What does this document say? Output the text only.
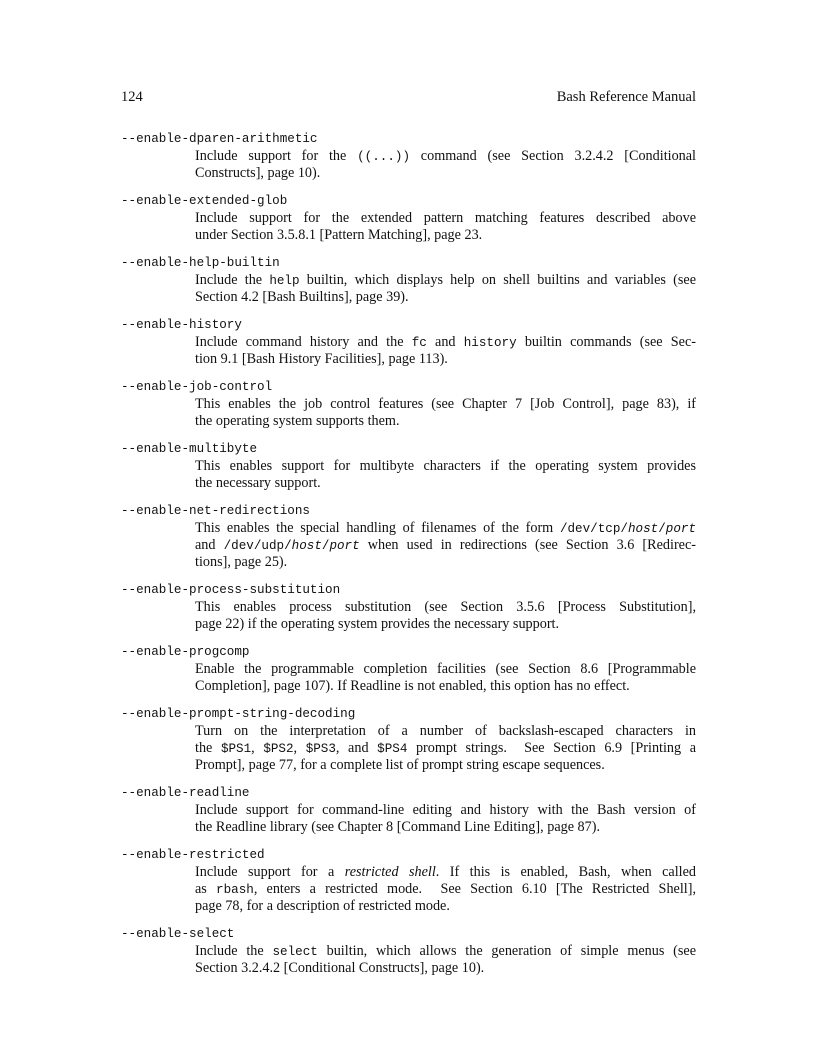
124	Bash Reference Manual
--enable-dparen-arithmetic
Include support for the ((...)) command (see Section 3.2.4.2 [Conditional
Constructs], page 10).
--enable-extended-glob
Include support for the extended pattern matching features described above
under Section 3.5.8.1 [Pattern Matching], page 23.
--enable-help-builtin
Include the help builtin, which displays help on shell builtins and variables (see
Section 4.2 [Bash Builtins], page 39).
--enable-history
Include command history and the fc and history builtin commands (see Sec-
tion 9.1 [Bash History Facilities], page 113).
--enable-job-control
This enables the job control features (see Chapter 7 [Job Control], page 83), if
the operating system supports them.
--enable-multibyte
This enables support for multibyte characters if the operating system provides
the necessary support.
--enable-net-redirections
This enables the special handling of filenames of the form /dev/tcp/host/port
and /dev/udp/host/port when used in redirections (see Section 3.6 [Redirec-
tions], page 25).
--enable-process-substitution
This enables process substitution (see Section 3.5.6 [Process Substitution],
page 22) if the operating system provides the necessary support.
--enable-progcomp
Enable the programmable completion facilities (see Section 8.6 [Programmable
Completion], page 107). If Readline is not enabled, this option has no effect.
--enable-prompt-string-decoding
Turn on the interpretation of a number of backslash-escaped characters in
the $PS1, $PS2, $PS3, and $PS4 prompt strings.  See Section 6.9 [Printing a
Prompt], page 77, for a complete list of prompt string escape sequences.
--enable-readline
Include support for command-line editing and history with the Bash version of
the Readline library (see Chapter 8 [Command Line Editing], page 87).
--enable-restricted
Include support for a restricted shell. If this is enabled, Bash, when called
as rbash, enters a restricted mode.  See Section 6.10 [The Restricted Shell],
page 78, for a description of restricted mode.
--enable-select
Include the select builtin, which allows the generation of simple menus (see
Section 3.2.4.2 [Conditional Constructs], page 10).
